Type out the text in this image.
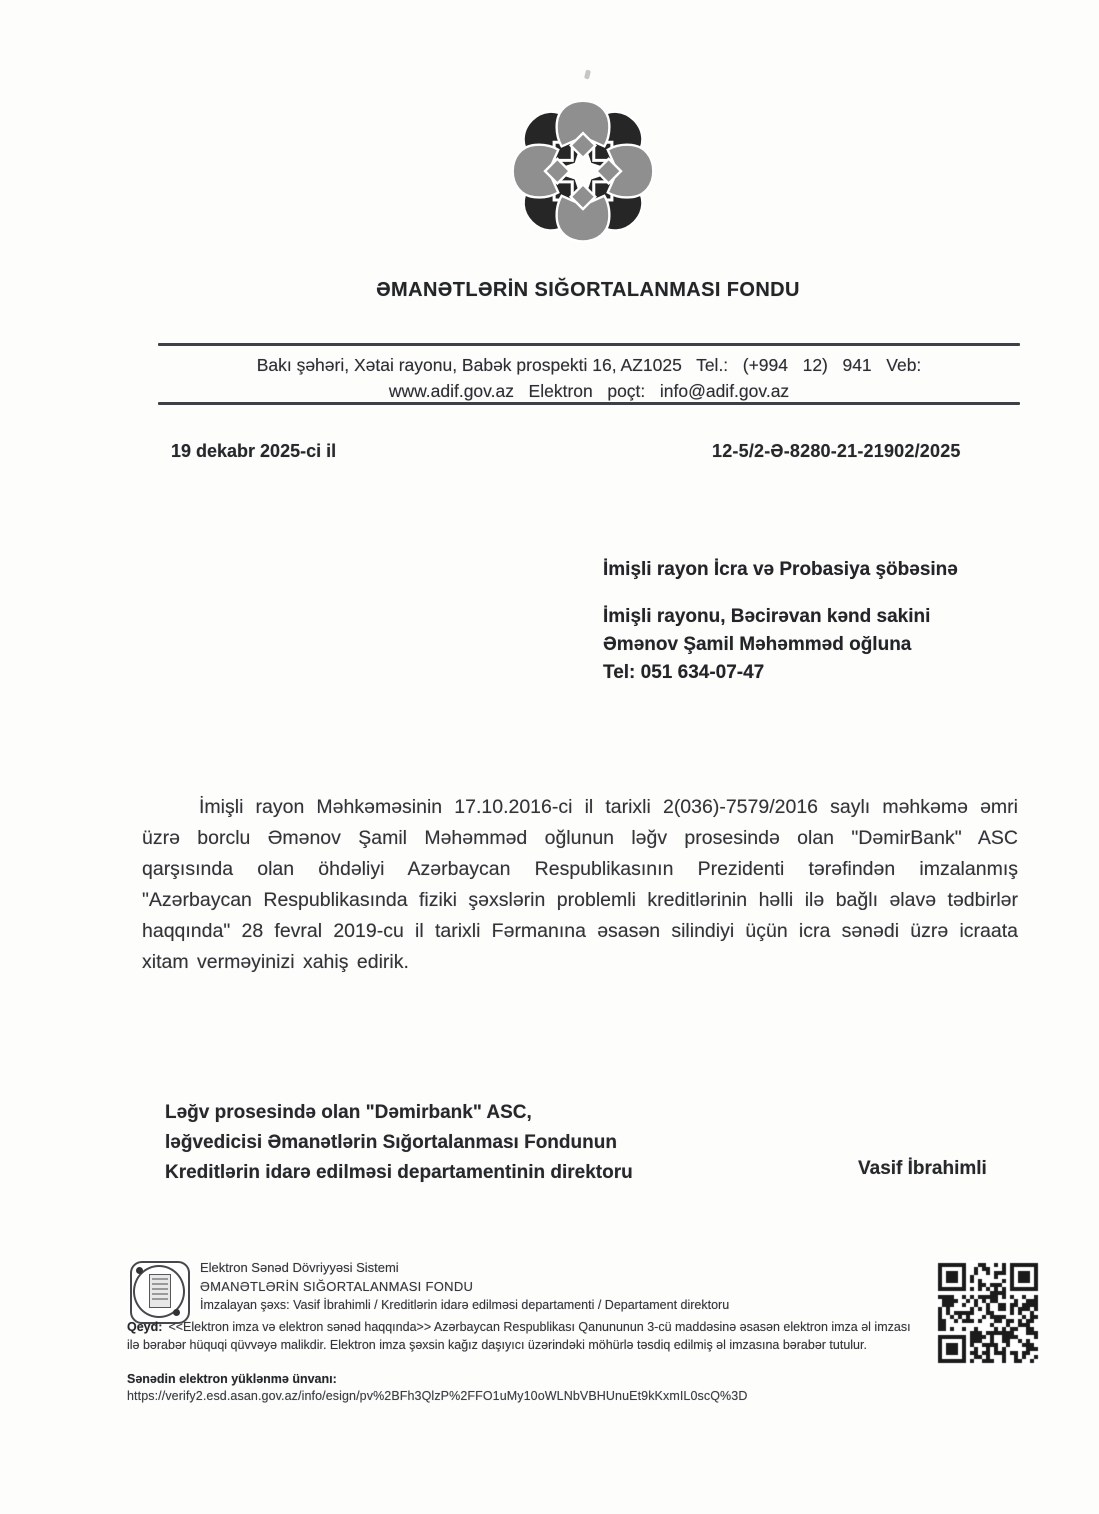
ƏMANƏTLƏRİN SIĞORTALANMASI FONDU
Bakı şəhəri, Xətai rayonu, Babək prospekti 16, AZ1025   Tel.:   (+994   12)   941   Veb:
www.adif.gov.az   Elektron   poçt:   info@adif.gov.az
19 dekabr 2025-ci il	12-5/2-Ə-8280-21-21902/2025

İmişli rayon İcra və Probasiya şöbəsinə

İmişli rayonu, Bəcirəvan kənd sakini

Əmənov Şamil Məhəmməd oğluna

Tel: 051 634-07-47

İmişli rayon Məhkəməsinin 17.10.2016-ci il tarixli 2(036)-7579/2016 saylı məhkəmə əmri üzrə borclu Əmənov Şamil Məhəmməd oğlunun ləğv prosesində olan "DəmirBank" ASC qarşısında olan öhdəliyi Azərbaycan Respublikasının Prezidenti tərəfindən imzalanmış "Azərbaycan Respublikasında fiziki şəxslərin problemli kreditlərinin həlli ilə bağlı əlavə tədbirlər haqqında" 28 fevral 2019-cu il tarixli Fərmanına əsasən silindiyi üçün icra sənədi üzrə icraata xitam verməyinizi xahiş edirik.

Ləğv prosesində olan "Dəmirbank" ASC,

ləğvedicisi Əmanətlərin Sığortalanması Fondunun

Kreditlərin idarə edilməsi departamentinin direktoru	Vasif İbrahimli
Elektron Sənəd Dövriyyəsi Sistemi
ƏMANƏTLƏRİN SIĞORTALANMASI FONDU
İmzalayan şəxs: Vasif İbrahimli / Kreditlərin idarə edilməsi departamenti / Departament direktoru
Qeyd: <<Elektron imza və elektron sənəd haqqında>> Azərbaycan Respublikası Qanununun 3-cü maddəsinə əsasən elektron imza əl imzası ilə bərabər hüquqi qüvvəyə malikdir. Elektron imza şəxsin kağız daşıyıcı üzərindəki möhürlə təsdiq edilmiş əl imzasına bərabər tutulur.
Sənədin elektron yüklənmə ünvanı:
https://verify2.esd.asan.gov.az/info/esign/pv%2BFh3QlzP%2FFO1uMy10oWLNbVBHUnuEt9kKxmIL0scQ%3D
